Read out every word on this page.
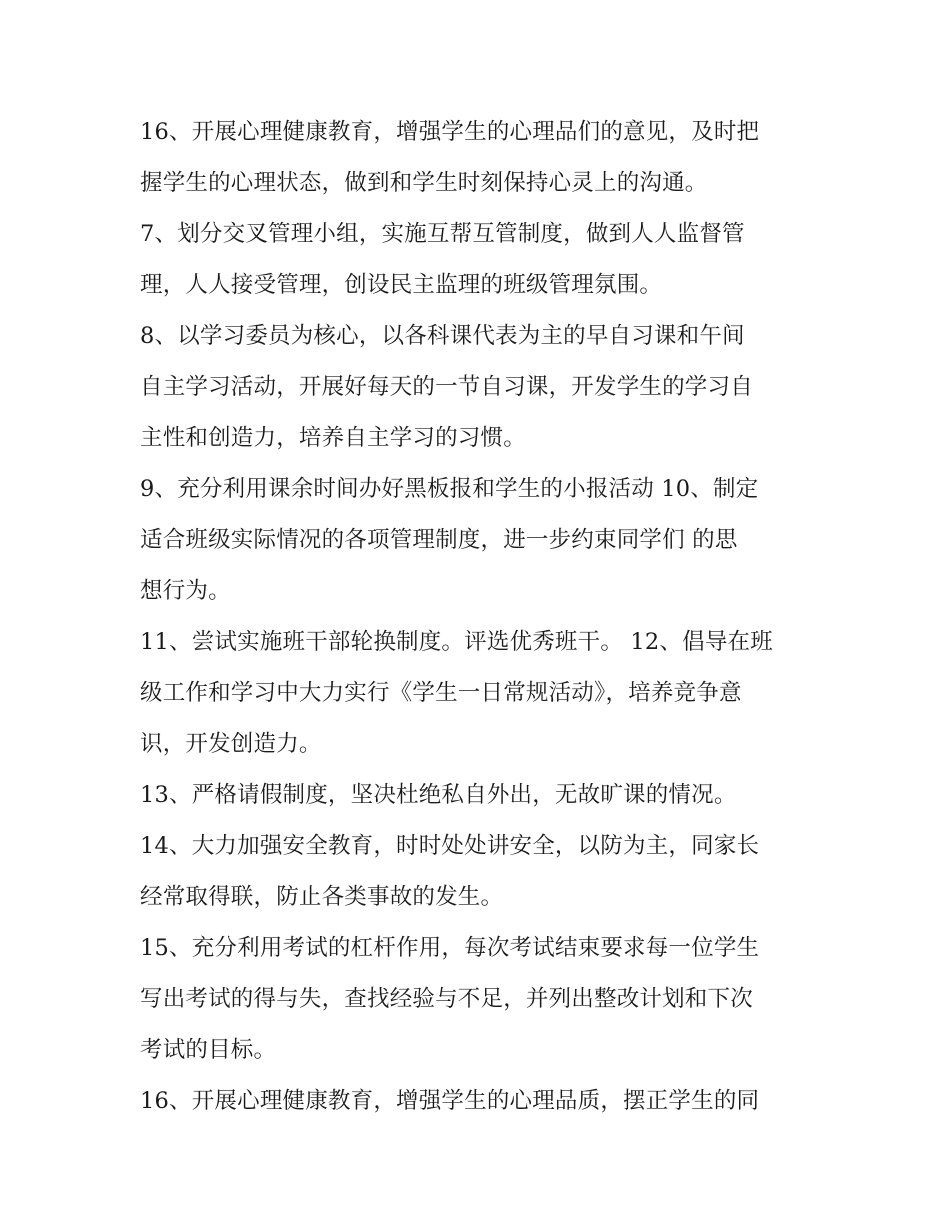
16、开展心理健康教育，增强学生的心理品们的意见，及时把
握学生的心理状态，做到和学生时刻保持心灵上的沟通。
7、划分交叉管理小组，实施互帮互管制度，做到人人监督管
理，人人接受管理，创设民主监理的班级管理氛围。
8、以学习委员为核心，以各科课代表为主的早自习课和午间
自主学习活动，开展好每天的一节自习课，开发学生的学习自
主性和创造力，培养自主学习的习惯。
9、充分利用课余时间办好黑板报和学生的小报活动 10、制定
适合班级实际情况的各项管理制度，进一步约束同学们 的思
想行为。
11、尝试实施班干部轮换制度。评选优秀班干。 12、倡导在班
级工作和学习中大力实行《学生一日常规活动》，培养竞争意
识，开发创造力。
13、严格请假制度，坚决杜绝私自外出，无故旷课的情况。
14、大力加强安全教育，时时处处讲安全，以防为主，同家长
经常取得联，防止各类事故的发生。
15、充分利用考试的杠杆作用，每次考试结束要求每一位学生
写出考试的得与失，查找经验与不足，并列出整改计划和下次
考试的目标。
16、开展心理健康教育，增强学生的心理品质，摆正学生的同
